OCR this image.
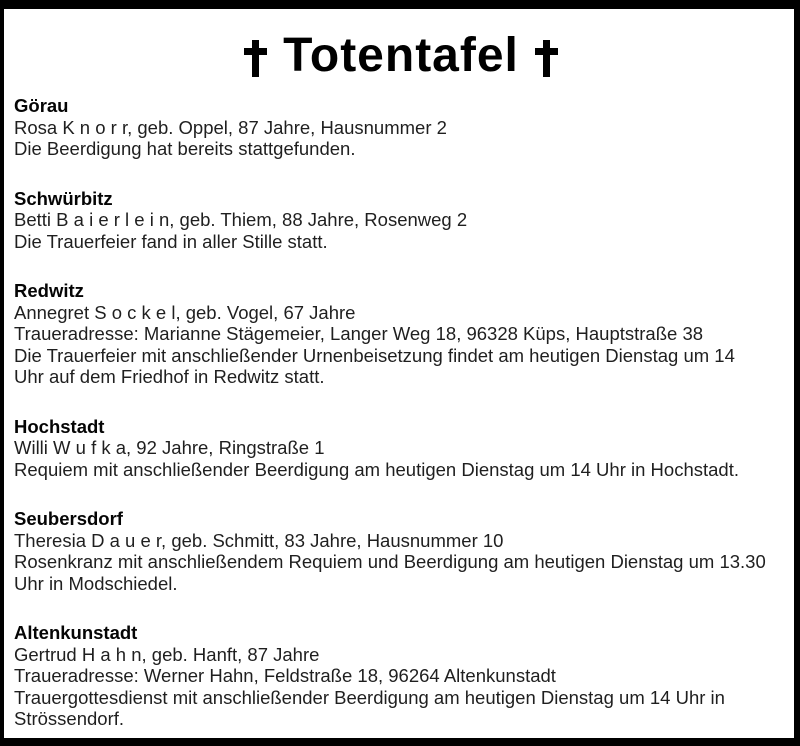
Totentafel
Görau

Rosa K n o r r, geb. Oppel, 87 Jahre, Hausnummer 2

Die Beerdigung hat bereits stattgefunden.

Schwürbitz

Betti B a i e r l e i n, geb. Thiem, 88 Jahre, Rosenweg 2

Die Trauerfeier fand in aller Stille statt.

Redwitz

Annegret S o c k e l, geb. Vogel, 67 Jahre

Traueradresse: Marianne Stägemeier, Langer Weg 18, 96328 Küps, Hauptstraße 38

Die Trauerfeier mit anschließender Urnenbeisetzung findet am heutigen Dienstag um 14

Uhr auf dem Friedhof in Redwitz statt.

Hochstadt

Willi W u f k a, 92 Jahre, Ringstraße 1

Requiem mit anschließender Beerdigung am heutigen Dienstag um 14 Uhr in Hochstadt.

Seubersdorf

Theresia D a u e r, geb. Schmitt, 83 Jahre, Hausnummer 10

Rosenkranz mit anschließendem Requiem und Beerdigung am heutigen Dienstag um 13.30

Uhr in Modschiedel.

Altenkunstadt

Gertrud H a h n, geb. Hanft, 87 Jahre

Traueradresse: Werner Hahn, Feldstraße 18, 96264 Altenkunstadt

Trauergottesdienst mit anschließender Beerdigung am heutigen Dienstag um 14 Uhr in

Strössendorf.
